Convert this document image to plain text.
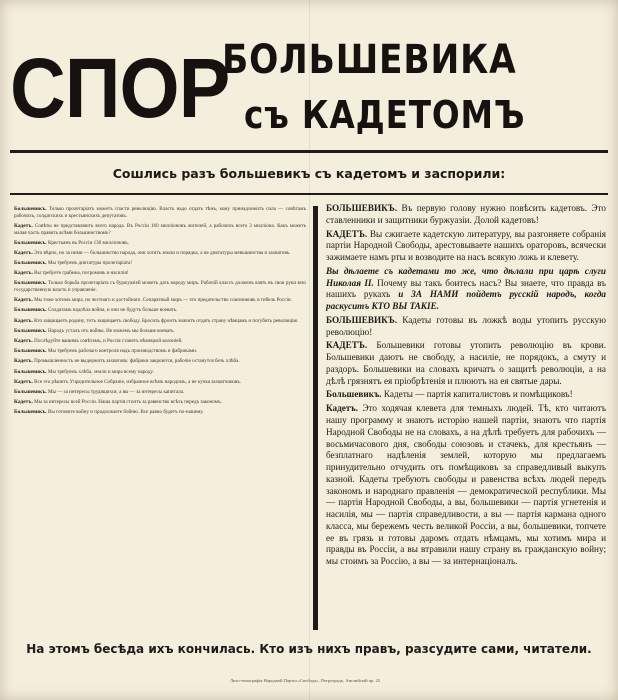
СПОР
БОЛЬШЕВИКА
съ КАДЕТОМЪ
Сошлись разъ большевикъ съ кадетомъ и заспорили:

Большевикъ. Только пролетаріатъ можетъ спасти революцію. Власть надо отдать тѣмъ, кому принадлежитъ сила — совѣтамъ рабочихъ, солдатскихъ и крестьянскихъ депутатовъ.

Кадетъ. Совѣты не представляютъ всего народа. Въ Россіи 160 милліоновъ жителей, а рабочихъ всего 3 милліона. Какъ можетъ малая часть править всѣми большинствомъ?

Большевикъ. Крестьянъ въ Россіи 130 милліоновъ.

Кадетъ. Это вѣрно, но за ними — большинство народа, они хотятъ земли и порядка, а не диктатуры меньшинства и захватовъ.

Большевикъ. Мы требуемъ диктатуры пролетаріата!

Кадетъ. Вы требуете грабежа, погромовъ и насилія!

Большевикъ. Только борьба пролетаріата съ буржуазіей можетъ дать народу миръ. Рабочій классъ долженъ взять въ свои руки всю государственную власть и управленіе.

Кадетъ. Мы тоже хотимъ мира, но честнаго и достойнаго. Сепаратный миръ — это предательство союзниковъ и гибель Россіи.

Большевикъ. Солдатамъ надоѣла война, и они не будутъ больше воевать.

Кадетъ. Кто защищаетъ родину, тотъ защищаетъ свободу. Бросить фронтъ значитъ отдать страну нѣмцамъ и погубить революцію.

Большевикъ. Народъ усталъ отъ войны. Не можемъ мы больше воевать.

Кадетъ. Послѣдуйте вашимъ совѣтамъ, и Россія станетъ нѣмецкой колоніей.

Большевикъ. Мы требуемъ рабочаго контроля надъ производствомъ и фабриками.

Кадетъ. Промышленность не выдержитъ захватовъ: фабрики закроются, рабочіе останутся безъ хлѣба.

Большевикъ. Мы требуемъ хлѣба, земли и мира всему народу.

Кадетъ. Все это рѣшитъ Учредительное Собраніе, избранное всѣмъ народомъ, а не кучка захватчиковъ.

Большевикъ. Мы — за интересы трудящихся, а вы — за интересы капитала.

Кадетъ. Мы за интересы всей Россіи. Наша партія стоитъ за равенство всѣхъ передъ закономъ.

Большевикъ. Вы готовите войну и продолжаете бойню. Все равно будетъ по-нашему.

БОЛЬШЕВИКЪ. Въ первую голову нужно повѣсить кадетовъ. Это ставленники и защитники буржуазіи. Долой кадетовъ!

КАДЕТЪ. Вы сжигаете кадетскую литературу, вы разгоняете собранія партіи Народной Свободы, арестовываете нашихъ ораторовъ, всячески зажимаете намъ рты и возводите на насъ всякую ложь и клевету.

Вы дѣлаете съ кадетами то же, что дѣлали при царѣ слуги Николая II. Почему вы такъ боитесь насъ? Вы знаете, что правда въ нашихъ рукахъ и ЗА НАМИ пойдетъ русскій народъ, когда раскуситъ КТО ВЫ ТАКІЕ.

БОЛЬШЕВИКЪ. Кадеты готовы въ ложкѣ воды утопить русскую революцію!

КАДЕТЪ. Большевики готовы утопить революцію въ крови. Большевики даютъ не свободу, а насиліе, не порядокъ, а смуту и раздоръ. Большевики на словахъ кричатъ о защитѣ революціи, а на дѣлѣ грязнятъ ея пріобрѣтенія и плюютъ на ея святые дары.

Большевикъ. Кадеты — партія капиталистовъ и помѣщиковъ!

Кадетъ. Это ходячая клевета для темныхъ людей. Тѣ, кто читаютъ нашу программу и знаютъ исторію нашей партіи, знаютъ что партія Народной Свободы не на словахъ, а на дѣлѣ требуетъ для рабочихъ — восьмичасового дня, свободы союзовъ и стачекъ, для крестьянъ — безплатнаго надѣленія землей, которую мы предлагаемъ принудительно отчудить отъ помѣщиковъ за справедливый выкупъ казной. Кадеты требуютъ свободы и равенства всѣхъ людей передъ закономъ и народнаго правленія — демократической республики. Мы — партія Народной Свободы, а вы, большевики — партія угнетенія и насилія, мы — партія справедливости, а вы — партія кармана одного класса, мы бережемъ честь великой Россіи, а вы, большевики, топчете ее въ грязь и готовы даромъ отдать нѣмцамъ, мы хотимъ мира и правды въ Россіи, а вы втравили нашу страну въ гражданскую войну; мы стоимъ за Россію, а вы — за интернаціоналъ.

На этомъ бесѣда ихъ кончилась. Кто изъ нихъ правъ, разсудите сами, читатели.
Лито-типографія Народной Партіи «Свобода», Петроградъ, Английскій пр. 25
